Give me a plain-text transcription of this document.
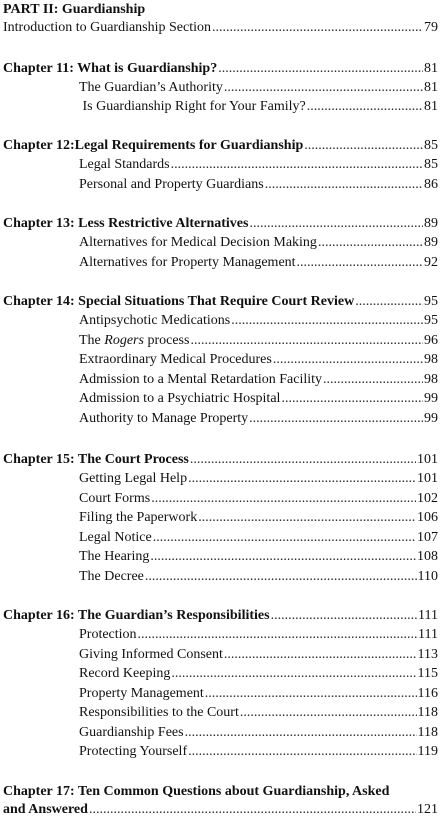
PART II: Guardianship
Introduction to Guardianship Section .....	79
Chapter 11: What is Guardianship? .....	81
The Guardian’s Authority .....	81
Is Guardianship Right for Your Family? .....	81
Chapter 12:Legal Requirements for Guardianship .....	85
Legal Standards .....	85
Personal and Property Guardians .....	86
Chapter 13: Less Restrictive Alternatives .....	89
Alternatives for Medical Decision Making .....	89
Alternatives for Property Management .....	92
Chapter 14: Special Situations That Require Court Review .....	95
Antipsychotic Medications .....	95
The Rogers process .....	96
Extraordinary Medical Procedures .....	98
Admission to a Mental Retardation Facility .....	98
Admission to a Psychiatric Hospital .....	99
Authority to Manage Property .....	99
Chapter 15: The Court Process .....	101
Getting Legal Help .....	101
Court Forms .....	102
Filing the Paperwork .....	106
Legal Notice .....	107
The Hearing .....	108
The Decree .....	110
Chapter 16: The Guardian’s Responsibilities .....	111
Protection .....	111
Giving Informed Consent .....	113
Record Keeping .....	115
Property Management .....	116
Responsibilities to the Court .....	118
Guardianship Fees .....	118
Protecting Yourself .....	119
Chapter 17: Ten Common Questions about Guardianship, Asked
and Answered .....	121
